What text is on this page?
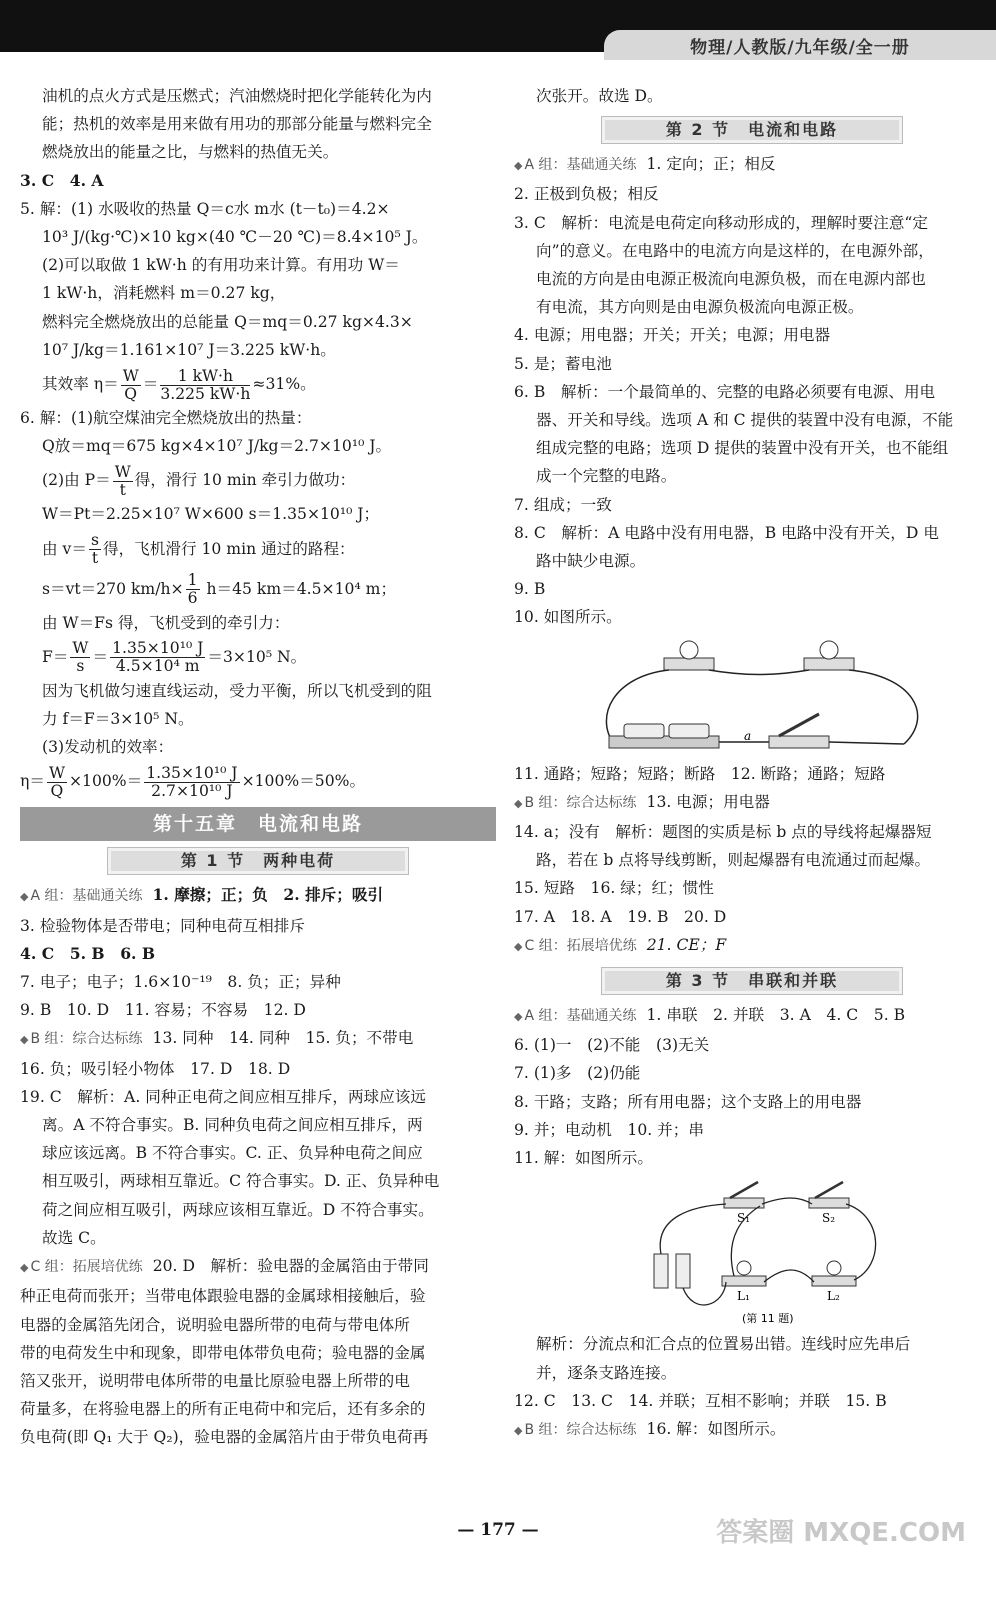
物理/人教版/九年级/全一册

油机的点火方式是压燃式；汽油燃烧时把化学能转化为内

能；热机的效率是用来做有用功的那部分能量与燃料完全

燃烧放出的能量之比，与燃料的热值无关。

3. C　4. A

5. 解：(1) 水吸收的热量 Q＝c水 m水 (t－t₀)＝4.2×

10³ J/(kg·℃)×10 kg×(40 ℃－20 ℃)＝8.4×10⁵ J。

(2)可以取做 1 kW·h 的有用功来计算。有用功 W＝

1 kW·h，消耗燃料 m＝0.27 kg，

燃料完全燃烧放出的总能量 Q＝mq＝0.27 kg×4.3×

10⁷ J/kg＝1.161×10⁷ J＝3.225 kW·h。

其效率 $\eta= \frac{W}{Q} = \frac{1 kW\cdot h}{3.225 kW\cdot h} \approx 31\%$。

6. 解：(1)航空煤油完全燃烧放出的热量：

Q放＝mq＝675 kg×4×10⁷ J/kg＝2.7×10¹⁰ J。

(2)由 $P= \frac{W}{t}$ 得，滑行 10 min 牵引力做功：

W＝Pt＝2.25×10⁷ W×600 s＝1.35×10¹⁰ J；

由 $v= \frac{s}{t}$ 得，飞机滑行 10 min 通过的路程：

s＝vt＝270 $km/h\times \frac{1}{6} h=45$ km＝4.5×10⁴ m；

由 W＝Fs 得，飞机受到的牵引力：

$F= \frac{W}{s} = \frac{\text{1.35×10¹⁰ J}}{\text{4.5×10⁴ m}} =3\times 10^5$ N。

因为飞机做匀速直线运动，受力平衡，所以飞机受到的阻

力 f＝F＝3×10⁵ N。

(3)发动机的效率：

$\eta= \frac{W}{Q} \times 100\%= \frac{\text{1.35×10¹⁰ J}}{\text{2.7×10¹⁰ J}} \times 100\%=50\%$。

第十五章　电流和电路
第 1 节　两种电荷

◆ A 组：基础通关练 1. 摩擦；正；负　2. 排斥；吸引

3. 检验物体是否带电；同种电荷互相排斥

4. C　5. B　6. B

7. 电子；电子；1.6×10⁻¹⁹　8. 负；正；异种

9. B　10. D　11. 容易；不容易　12. D

◆ B 组：综合达标练 13. 同种　14. 同种　15. 负；不带电

16. 负；吸引轻小物体　17. D　18. D

19. C　解析：A. 同种正电荷之间应相互排斥，两球应该远

离。A 不符合事实。B. 同种负电荷之间应相互排斥，两

球应该远离。B 不符合事实。C. 正、负异种电荷之间应

相互吸引，两球相互靠近。C 符合事实。D. 正、负异种电

荷之间应相互吸引，两球应该相互靠近。D 不符合事实。

故选 C。

◆ C 组：拓展培优练 20. D　解析：验电器的金属箔由于带同

种正电荷而张开；当带电体跟验电器的金属球相接触后，验

电器的金属箔先闭合，说明验电器所带的电荷与带电体所

带的电荷发生中和现象，即带电体带负电荷；验电器的金属

箔又张开，说明带电体所带的电量比原验电器上所带的电

荷量多，在将验电器上的所有正电荷中和完后，还有多余的

负电荷(即 Q₁ 大于 Q₂)，验电器的金属箔片由于带负电荷再

次张开。故选 D。

第 2 节　电流和电路

◆ A 组：基础通关练 1. 定向；正；相反

2. 正极到负极；相反

3. C　解析：电流是电荷定向移动形成的，理解时要注意“定

向”的意义。在电路中的电流方向是这样的，在电源外部，

电流的方向是由电源正极流向电源负极，而在电源内部也

有电流，其方向则是由电源负极流向电源正极。

4. 电源；用电器；开关；开关；电源；用电器

5. 是；蓄电池

6. B　解析：一个最简单的、完整的电路必须要有电源、用电

器、开关和导线。选项 A 和 C 提供的装置中没有电源，不能

组成完整的电路；选项 D 提供的装置中没有开关，也不能组

成一个完整的电路。

7. 组成；一致

8. C　解析：A 电路中没有用电器，B 电路中没有开关，D 电

路中缺少电源。

9. B

10. 如图所示。

a

11. 通路；短路；短路；断路　12. 断路；通路；短路

◆ B 组：综合达标练 13. 电源；用电器

14. a；没有　解析：题图的实质是标 b 点的导线将起爆器短

路，若在 b 点将导线剪断，则起爆器有电流通过而起爆。

15. 短路　16. 绿；红；惯性

17. A　18. A　19. B　20. D

◆ C 组：拓展培优练 21. CE；F

第 3 节　串联和并联

◆ A 组：基础通关练 1. 串联　2. 并联　3. A　4. C　5. B

6. (1)一　(2)不能　(3)无关

7. (1)多　(2)仍能

8. 干路；支路；所有用电器；这个支路上的用电器

9. 并；电动机　10. 并；串

11. 解：如图所示。

S₁	S₂
L₁	L₂
(第 11 题)

解析：分流点和汇合点的位置易出错。连线时应先串后

并，逐条支路连接。

12. C　13. C　14. 并联；互相不影响；并联　15. B

◆ B 组：综合达标练 16. 解：如图所示。

— 177 —	答案圈 MXQE.COM
